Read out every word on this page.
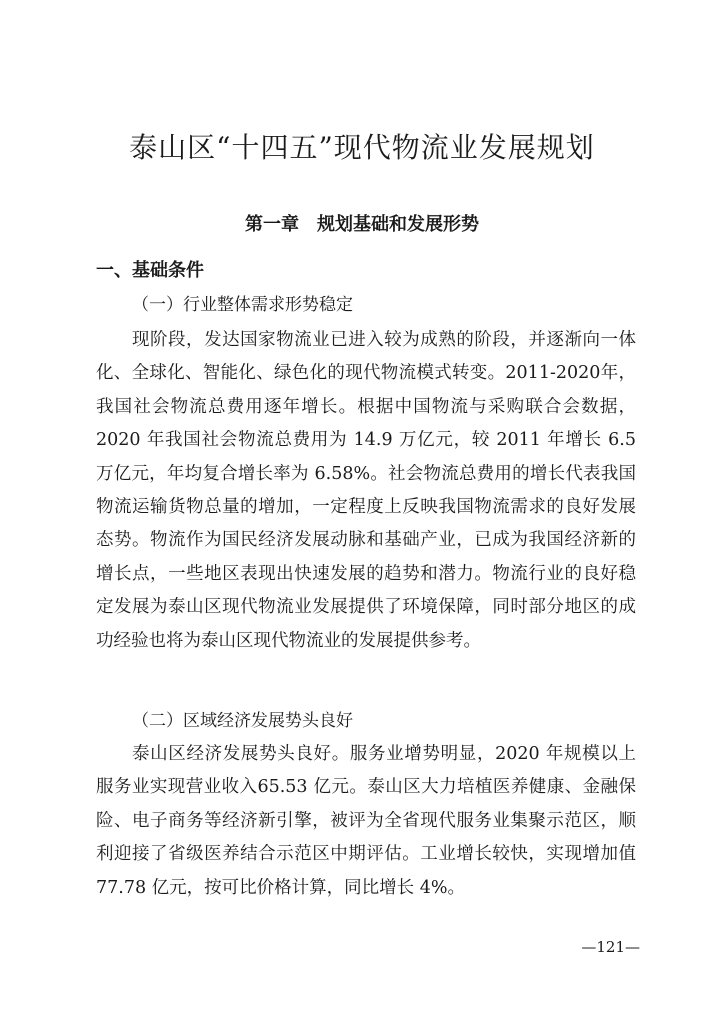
泰山区“十四五”现代物流业发展规划
第一章　规划基础和发展形势
一、基础条件
（一）行业整体需求形势稳定
现阶段，发达国家物流业已进入较为成熟的阶段，并逐渐向一体化、全球化、智能化、绿色化的现代物流模式转变。2011-2020年，我国社会物流总费用逐年增长。根据中国物流与采购联合会数据，2020 年我国社会物流总费用为 14.9 万亿元，较 2011 年增长 6.5 万亿元，年均复合增长率为 6.58%。社会物流总费用的增长代表我国物流运输货物总量的增加，一定程度上反映我国物流需求的良好发展态势。物流作为国民经济发展动脉和基础产业，已成为我国经济新的增长点，一些地区表现出快速发展的趋势和潜力。物流行业的良好稳定发展为泰山区现代物流业发展提供了环境保障，同时部分地区的成功经验也将为泰山区现代物流业的发展提供参考。
（二）区域经济发展势头良好
泰山区经济发展势头良好。服务业增势明显，2020 年规模以上服务业实现营业收入65.53 亿元。泰山区大力培植医养健康、金融保险、电子商务等经济新引擎，被评为全省现代服务业集聚示范区，顺利迎接了省级医养结合示范区中期评估。工业增长较快，实现增加值 77.78 亿元，按可比价格计算，同比增长 4%。
—121—
